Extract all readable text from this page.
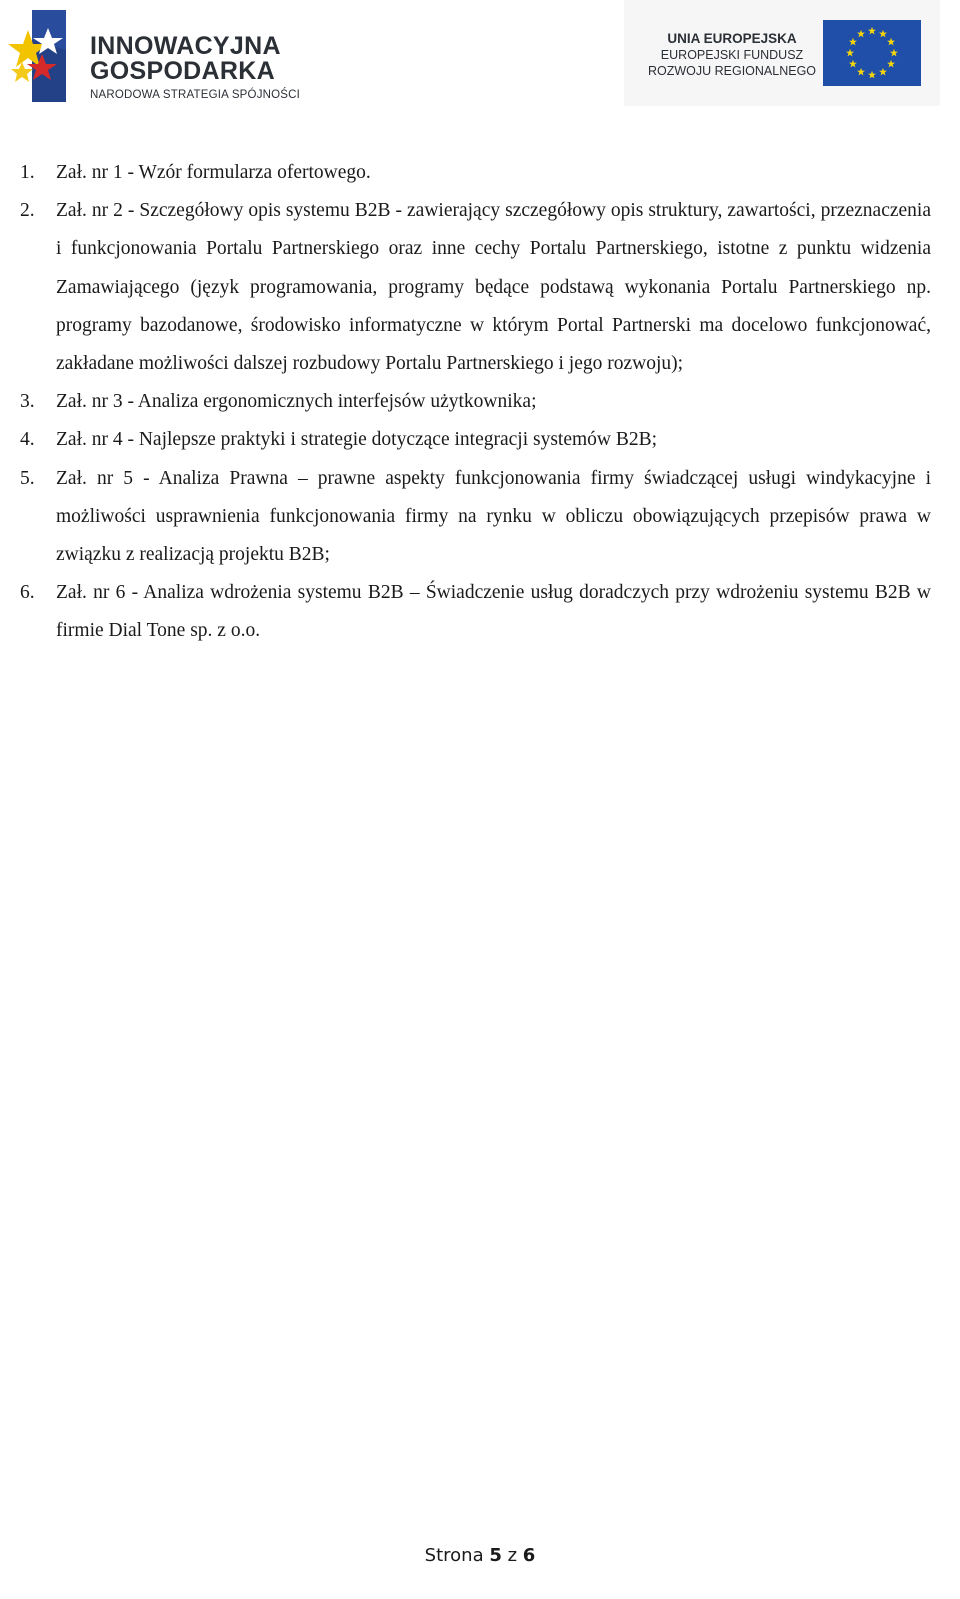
INNOWACYJNA
GOSPODARKA
NARODOWA STRATEGIA SPÓJNOŚCI
UNIA EUROPEJSKA
EUROPEJSKI FUNDUSZ
ROZWOJU REGIONALNEGO
1. Zał. nr 1 - Wzór formularza ofertowego.
2. Zał. nr 2 - Szczegółowy opis systemu B2B - zawierający szczegółowy opis struktury, zawartości, przeznaczenia i funkcjonowania Portalu Partnerskiego oraz inne cechy Portalu Partnerskiego, istotne z punktu widzenia Zamawiającego (język programowania, programy będące podstawą wykonania Portalu Partnerskiego np. programy bazodanowe, środowisko informatyczne w którym Portal Partnerski ma docelowo funkcjonować, zakładane możliwości dalszej rozbudowy Portalu Partnerskiego i jego rozwoju);
3. Zał. nr 3 - Analiza ergonomicznych interfejsów użytkownika;
4. Zał. nr 4 - Najlepsze praktyki i strategie dotyczące integracji systemów B2B;
5. Zał. nr 5 - Analiza Prawna – prawne aspekty funkcjonowania firmy świadczącej usługi windykacyjne i możliwości usprawnienia funkcjonowania firmy na rynku w obliczu obowiązujących przepisów prawa w związku z realizacją projektu B2B;
6. Zał. nr 6 - Analiza wdrożenia systemu B2B – Świadczenie usług doradczych przy wdrożeniu systemu B2B w firmie Dial Tone sp. z o.o.
Strona 5 z 6
